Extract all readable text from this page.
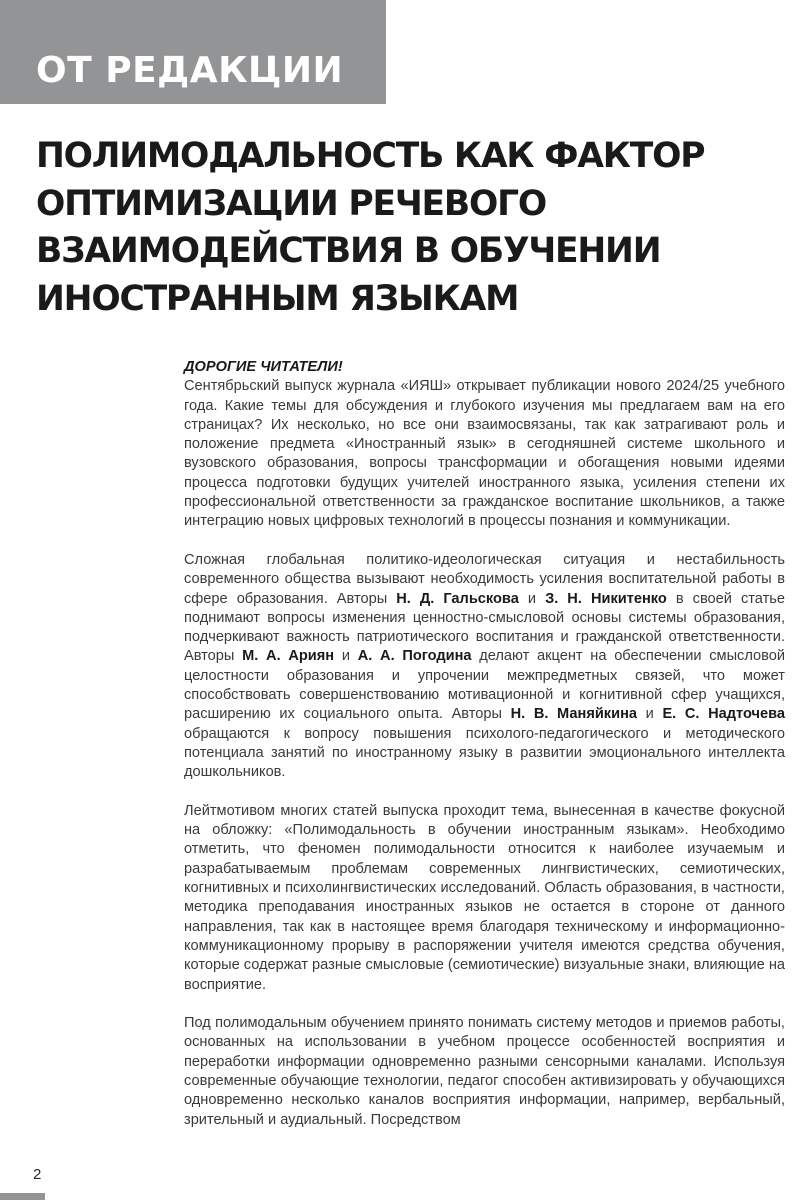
ОТ РЕДАКЦИИ
ПОЛИМОДАЛЬНОСТЬ КАК ФАКТОР ОПТИМИЗАЦИИ РЕЧЕВОГО ВЗАИМОДЕЙСТВИЯ В ОБУЧЕНИИ ИНОСТРАННЫМ ЯЗЫКАМ
ДОРОГИЕ ЧИТАТЕЛИ!

Сентябрьский выпуск журнала «ИЯШ» открывает публикации нового 2024/25 учебного года. Какие темы для обсуждения и глубокого изучения мы предлагаем вам на его страницах? Их несколько, но все они взаимосвязаны, так как затрагивают роль и положение предмета «Иностранный язык» в сегодняшней системе школьного и вузовского образования, вопросы трансформации и обогащения новыми идеями процесса подготовки будущих учителей иностранного языка, усиления степени их профессиональной ответственности за гражданское воспитание школьников, а также интеграцию новых цифровых технологий в процессы познания и коммуникации.

Сложная глобальная политико-идеологическая ситуация и нестабильность современного общества вызывают необходимость усиления воспитательной работы в сфере образования. Авторы Н. Д. Гальскова и З. Н. Никитенко в своей статье поднимают вопросы изменения ценностно-смысловой основы системы образования, подчеркивают важность патриотического воспитания и гражданской ответственности. Авторы М. А. Ариян и А. А. Погодина делают акцент на обеспечении смысловой целостности образования и упрочении межпредметных связей, что может способствовать совершенствованию мотивационной и когнитивной сфер учащихся, расширению их социального опыта. Авторы Н. В. Маняйкина и Е. С. Надточева обращаются к вопросу повышения психолого-педагогического и методического потенциала занятий по иностранному языку в развитии эмоционального интеллекта дошкольников.

Лейтмотивом многих статей выпуска проходит тема, вынесенная в качестве фокусной на обложку: «Полимодальность в обучении иностранным языкам». Необходимо отметить, что феномен полимодальности относится к наиболее изучаемым и разрабатываемым проблемам современных лингвистических, семиотических, когнитивных и психолингвистических исследований. Область образования, в частности, методика преподавания иностранных языков не остается в стороне от данного направления, так как в настоящее время благодаря техническому и информационно-коммуникационному прорыву в распоряжении учителя имеются средства обучения, которые содержат разные смысловые (семиотические) визуальные знаки, влияющие на восприятие.

Под полимодальным обучением принято понимать систему методов и приемов работы, основанных на использовании в учебном процессе особенностей восприятия и переработки информации одновременно разными сенсорными каналами. Используя современные обучающие технологии, педагог способен активизировать у обучающихся одновременно несколько каналов восприятия информации, например, вербальный, зрительный и аудиальный. Посредством

2
